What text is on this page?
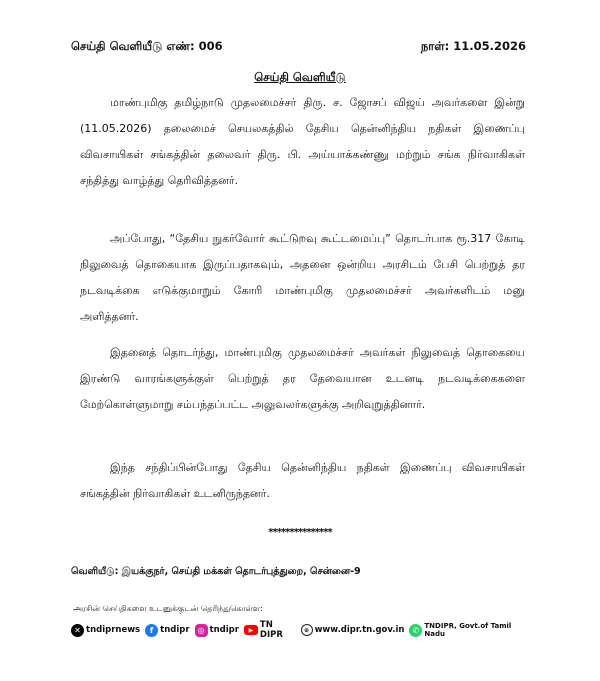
செய்தி வெளியீடு எண்: 006	நாள்: 11.05.2026
செய்தி வெளியீடு
மாண்புமிகு தமிழ்நாடு முதலமைச்சர் திரு. ச. ஜோசப் விஜய் அவர்களை இன்று (11.05.2026) தலைமைச் செயலகத்தில் தேசிய தென்னிந்திய நதிகள் இணைப்பு விவசாயிகள் சங்கத்தின் தலைவர் திரு. பி. அய்யாக்கண்ணு மற்றும் சங்க நிர்வாகிகள் சந்தித்து வாழ்த்து தெரிவித்தனர்.
அப்போது, “தேசிய நுகர்வோர் கூட்டுறவு கூட்டமைப்பு” தொடர்பாக ரூ.317 கோடி நிலுவைத் தொகையாக இருப்பதாகவும், அதனை ஒன்றிய அரசிடம் பேசி பெற்றுத் தர நடவடிக்கை எடுக்குமாறும் கோரி மாண்புமிகு முதலமைச்சர் அவர்களிடம் மனு அளித்தனர்.
இதனைத் தொடர்ந்து, மாண்புமிகு முதலமைச்சர் அவர்கள் நிலுவைத் தொகையை இரண்டு வாரங்களுக்குள் பெற்றுத் தர தேவையான உடனடி நடவடிக்கைகளை மேற்கொள்ளுமாறு சம்பந்தப்பட்ட அலுவலர்களுக்கு அறிவுறுத்தினார்.
இந்த சந்திப்பின்போது தேசிய தென்னிந்திய நதிகள் இணைப்பு விவசாயிகள் சங்கத்தின் நிர்வாகிகள் உடனிருந்தனர்.
***************
வெளியீடு: இயக்குநர், செய்தி மக்கள் தொடர்புத்துறை, சென்னை-9
அரசின் செய்திகளை உடனுக்குடன் தெரிந்துகொள்ள:
✕ tndiprnews	f tndipr	◎ tndipr	▶ TN DIPR	⊕ www.dipr.tn.gov.in	✆ TNDIPR, Govt.of Tamil Nadu
